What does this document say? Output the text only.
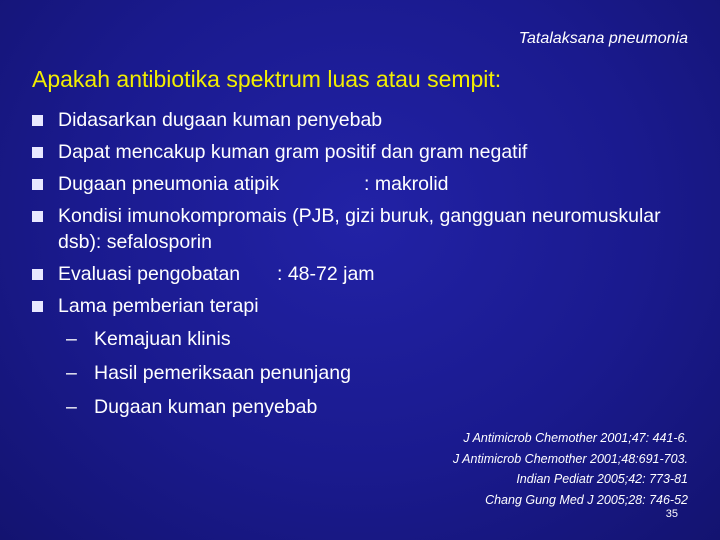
Tatalaksana pneumonia
Apakah antibiotika spektrum luas atau sempit:
Didasarkan dugaan kuman penyebab
Dapat mencakup kuman gram positif dan gram negatif
Dugaan pneumonia atipik	: makrolid
Kondisi imunokompromais (PJB, gizi buruk, gangguan neuromuskular dsb): sefalosporin
Evaluasi pengobatan : 48-72 jam
Lama pemberian terapi
– Kemajuan klinis
– Hasil pemeriksaan penunjang
– Dugaan kuman penyebab
J Antimicrob Chemother 2001;47: 441-6.
J Antimicrob Chemother 2001;48:691-703.
Indian Pediatr 2005;42: 773-81
Chang Gung Med J 2005;28: 746-52
35
